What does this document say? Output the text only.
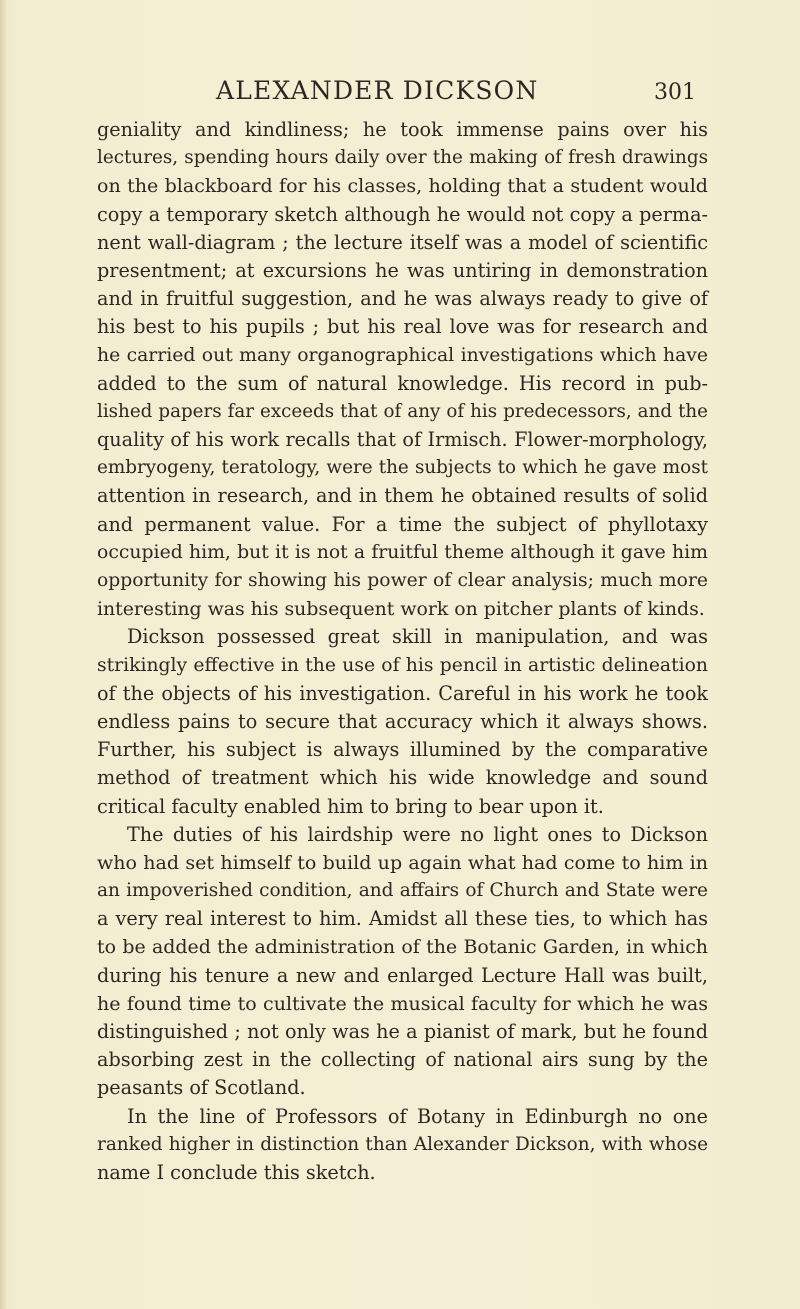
ALEXANDER DICKSON	301
geniality and kindliness; he took immense pains over his
lectures, spending hours daily over the making of fresh drawings
on the blackboard for his classes, holding that a student would
copy a temporary sketch although he would not copy a perma-
nent wall-diagram ; the lecture itself was a model of scientific
presentment; at excursions he was untiring in demonstration
and in fruitful suggestion, and he was always ready to give of
his best to his pupils ; but his real love was for research and
he carried out many organographical investigations which have
added to the sum of natural knowledge. His record in pub-
lished papers far exceeds that of any of his predecessors, and the
quality of his work recalls that of Irmisch. Flower-morphology,
embryogeny, teratology, were the subjects to which he gave most
attention in research, and in them he obtained results of solid
and permanent value. For a time the subject of phyllotaxy
occupied him, but it is not a fruitful theme although it gave him
opportunity for showing his power of clear analysis; much more
interesting was his subsequent work on pitcher plants of kinds.
Dickson possessed great skill in manipulation, and was
strikingly effective in the use of his pencil in artistic delineation
of the objects of his investigation. Careful in his work he took
endless pains to secure that accuracy which it always shows.
Further, his subject is always illumined by the comparative
method of treatment which his wide knowledge and sound
critical faculty enabled him to bring to bear upon it.
The duties of his lairdship were no light ones to Dickson
who had set himself to build up again what had come to him in
an impoverished condition, and affairs of Church and State were
a very real interest to him. Amidst all these ties, to which has
to be added the administration of the Botanic Garden, in which
during his tenure a new and enlarged Lecture Hall was built,
he found time to cultivate the musical faculty for which he was
distinguished ; not only was he a pianist of mark, but he found
absorbing zest in the collecting of national airs sung by the
peasants of Scotland.
In the line of Professors of Botany in Edinburgh no one
ranked higher in distinction than Alexander Dickson, with whose
name I conclude this sketch.
